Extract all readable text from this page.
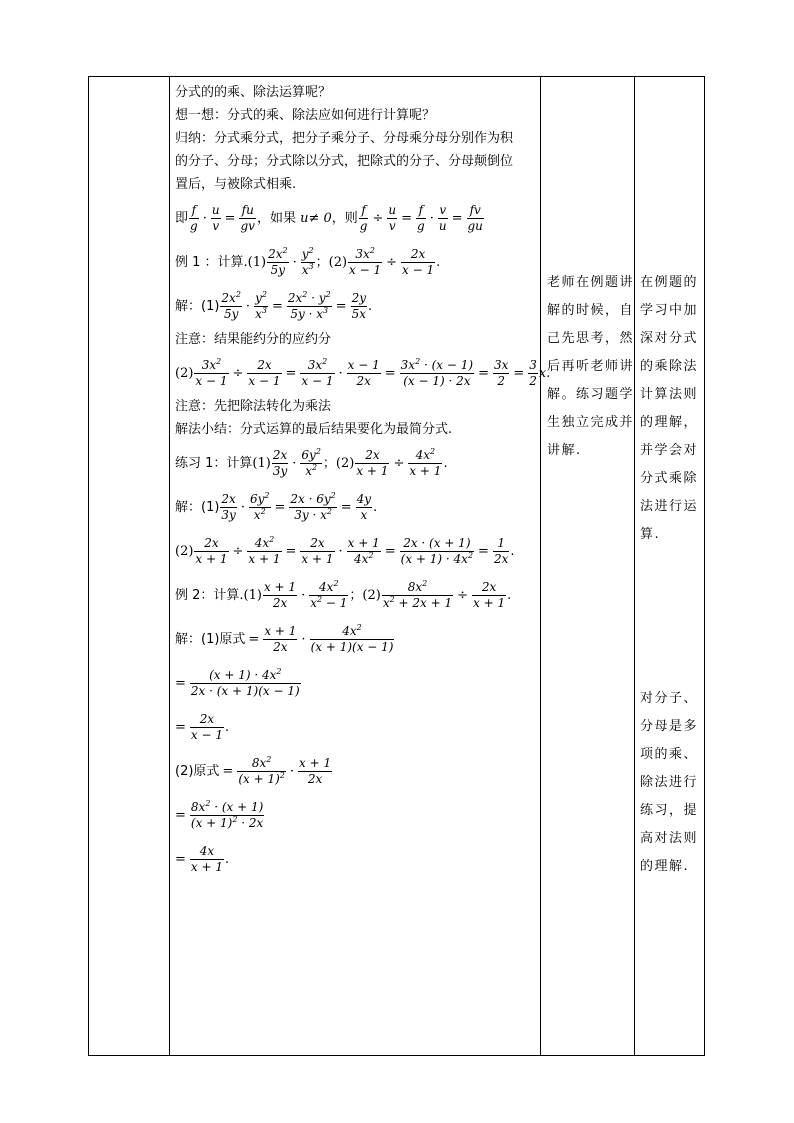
分式的的乘、除法运算呢？
想一想：分式的乘、除法应如何进行计算呢？
归纳：分式乘分式，把分子乘分子、分母乘分母分别作为积
的分子、分母；分式除以分式，把除式的分子、分母颠倒位
置后，与被除式相乘.
即 $\frac{f}{g} \cdot \frac{u}{v} = \frac{fu}{gv}$ ，如果
u≠ 0 ，则 $\frac{f}{g} \div \frac{u}{v} = \frac{f}{g} \cdot \frac{v}{u} = \frac{fv}{gu}$
例 1 ：计算. $(1) \frac{2x^2}{5y} \cdot \frac{y^2}{x^3}$ ； $(2) \frac{3x^2}{x - 1} \div \frac{2x}{x - 1}$ .
解：$(1) \frac{2x^2}{5y} \cdot \frac{y^2}{x^3} = \frac{2x^2 \cdot y^2}{5y \cdot x^3} = \frac{2y}{5x}$ .
注意：结果能约分的应约分
$(2) \frac{3x^2}{x - 1} \div \frac{2x}{x - 1} = \frac{3x^2}{x - 1} \cdot \frac{x - 1}{2x} = \frac{3x^2 \cdot (x - 1)}{(x - 1) \cdot 2x} = \frac{3x}{2} = \frac{3}{2} x$.
注意：先把除法转化为乘法
解法小结：分式运算的最后结果要化为最简分式.
练习 1：计算 $(1) \frac{2x}{3y} \cdot \frac{6y^2}{x^2}$ ； $(2) \frac{2x}{x + 1} \div \frac{4x^2}{x + 1}$ .
解：$(1) \frac{2x}{3y} \cdot \frac{6y^2}{x^2} = \frac{2x \cdot 6y^2}{3y \cdot x^2} = \frac{4y}{x}$ .
$(2) \frac{2x}{x + 1} \div \frac{4x^2}{x + 1} = \frac{2x}{x + 1} \cdot \frac{x + 1}{4x^2} = \frac{2x \cdot (x + 1)}{(x + 1) \cdot 4x^2} = \frac{1}{2x}$ .
例 2：计算. $(1) \frac{x + 1}{2x} \cdot \frac{4x^2}{x^2 - 1}$ ； $(2) \frac{8x^2}{x^2 + 2x + 1} \div \frac{2x}{x + 1}$ .
解：(1)原式 = $\frac{x + 1}{2x} \cdot \frac{4x^2}{(x + 1)(x - 1)}$
= $\frac{(x + 1) \cdot 4x^2}{2x \cdot (x + 1)(x - 1)}$
= $\frac{2x}{x - 1}$ .
(2)原式 = $\frac{8x^2}{(x + 1)^2} \cdot \frac{x + 1}{2x}$
= $\frac{8x^2 \cdot (x + 1)}{(x + 1)^2 \cdot 2x}$
= $\frac{4x}{x + 1}$ .
老师在例题讲解的时候，自己先思考，然后再听老师讲解。练习题学生独立完成并讲解.
在例题的学习中加深对分式的乘除法计算法则的理解，并学会对分式乘除法进行运算.
对分子、分母是多项的乘、除法进行练习，提高对法则的理解.
